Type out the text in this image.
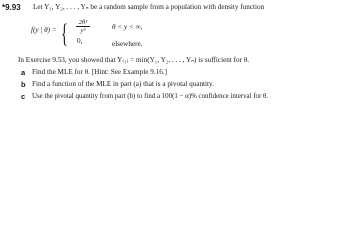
*9.93 Let Y₁, Y₂, . . . , Yₙ be a random sample from a population with density function
f(y | θ) = {	2θ²
y³	θ < y < ∞,
0,	elsewhere.
In Exercise 9.53, you showed that Y₍₁₎ = min(Y₁, Y₂, . . . , Yₙ) is sufficient for θ.
a Find the MLE for θ. [Hint: See Example 9.16.]
b Find a function of the MLE in part (a) that is a pivotal quantity.
c Use the pivotal quantity from part (b) to find a 100(1 − α)% confidence interval for θ.
